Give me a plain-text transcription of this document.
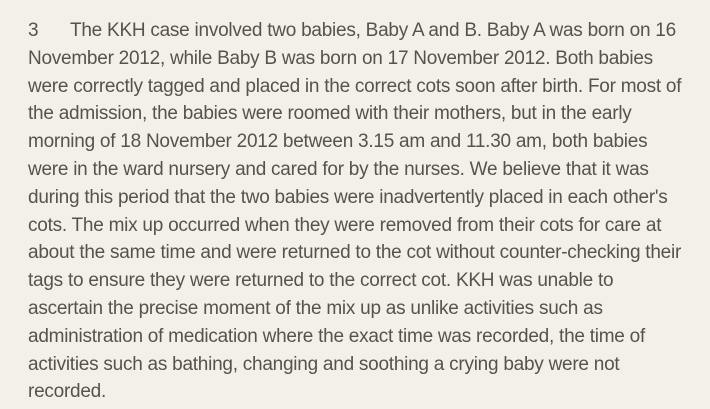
3 The KKH case involved two babies, Baby A and B. Baby A was born on 16 November 2012, while Baby B was born on 17 November 2012. Both babies were correctly tagged and placed in the correct cots soon after birth. For most of the admission, the babies were roomed with their mothers, but in the early morning of 18 November 2012 between 3.15 am and 11.30 am, both babies were in the ward nursery and cared for by the nurses. We believe that it was during this period that the two babies were inadvertently placed in each other's cots. The mix up occurred when they were removed from their cots for care at about the same time and were returned to the cot without counter-checking their tags to ensure they were returned to the correct cot. KKH was unable to ascertain the precise moment of the mix up as unlike activities such as administration of medication where the exact time was recorded, the time of activities such as bathing, changing and soothing a crying baby were not recorded.
